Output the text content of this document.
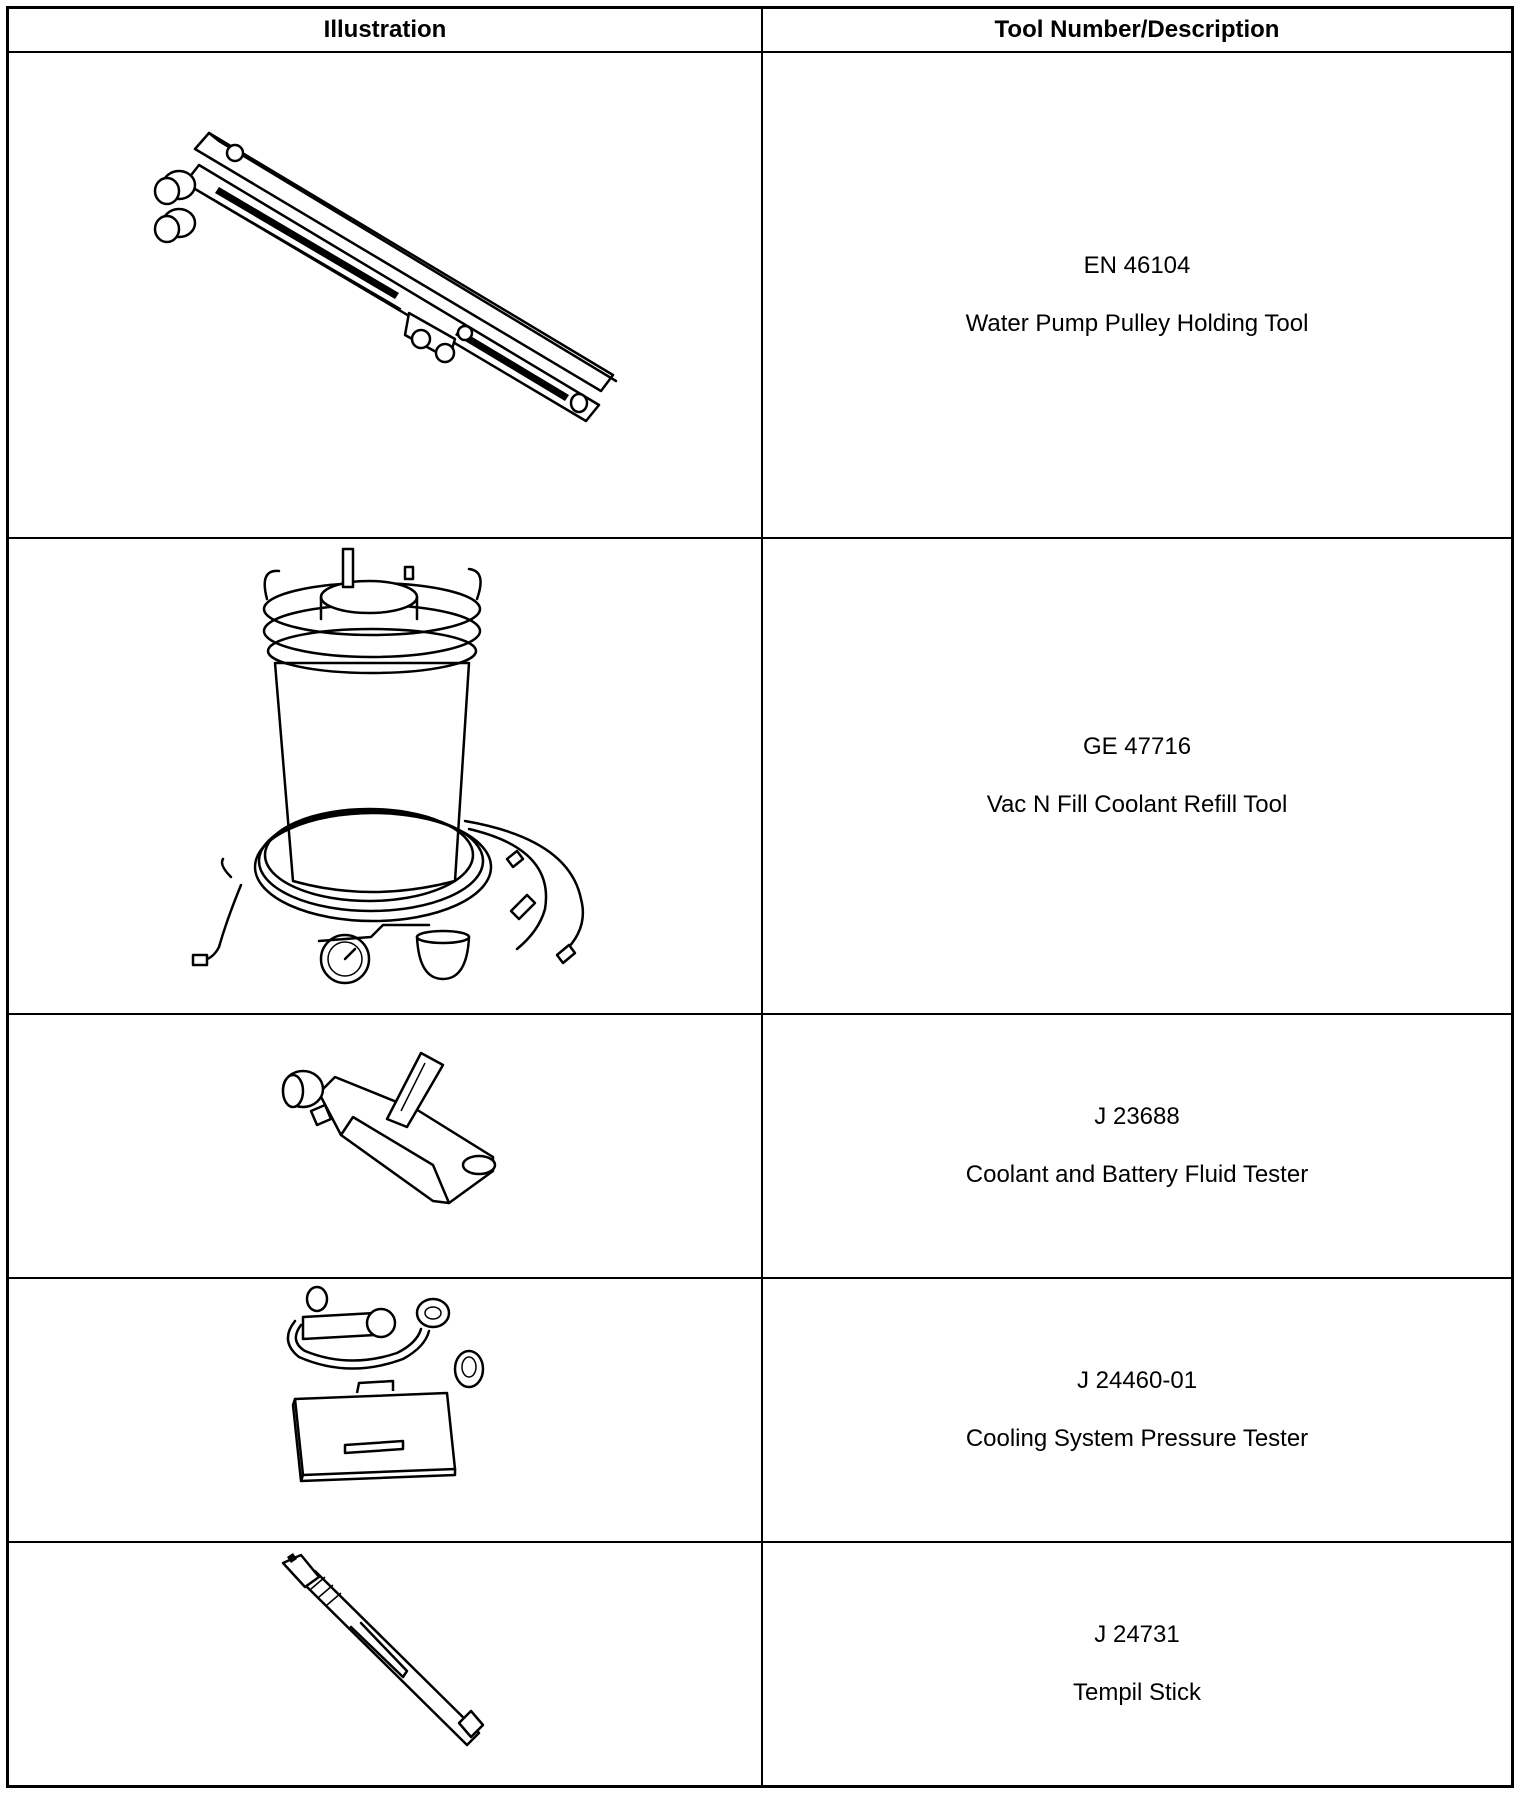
Illustration	Tool Number/Description
EN 46104
Water Pump Pulley Holding Tool
GE 47716
Vac N Fill Coolant Refill Tool
J 23688
Coolant and Battery Fluid Tester
J 24460-01
Cooling System Pressure Tester
J 24731
Tempil Stick
